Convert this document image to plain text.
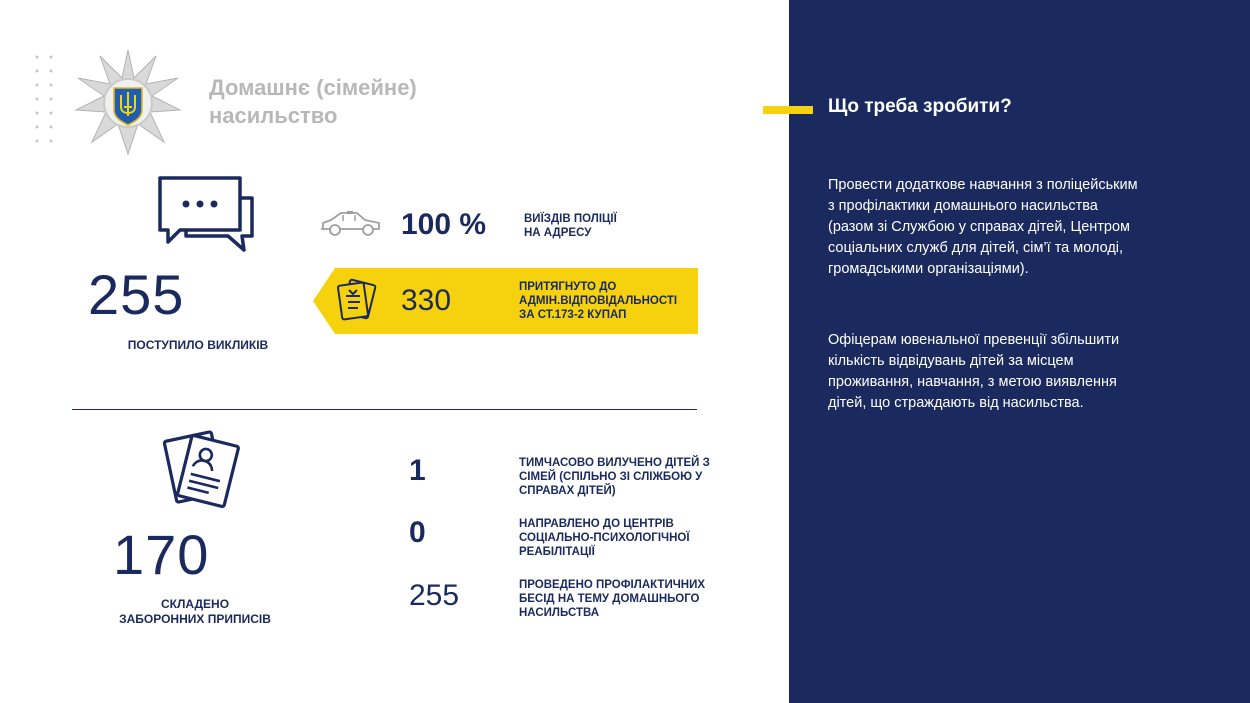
Домашнє (сімейне)
насильство
255
ПОСТУПИЛО ВИКЛИКІВ
100 %	ВИЇЗДІВ ПОЛІЦІЇ
НА АДРЕСУ
330	ПРИТЯГНУТО ДО
АДМІН.ВІДПОВІДАЛЬНОСТІ
ЗА СТ.173-2 КУПАП
170
СКЛАДЕНО
ЗАБОРОННИХ ПРИПИСІВ
1	ТИМЧАСОВО ВИЛУЧЕНО ДІТЕЙ З
СІМЕЙ (СПІЛЬНО ЗІ СЛІЖБОЮ У
СПРАВАХ ДІТЕЙ)
0	НАПРАВЛЕНО ДО ЦЕНТРІВ
СОЦІАЛЬНО-ПСИХОЛОГІЧНОЇ
РЕАБІЛІТАЦІЇ
255	ПРОВЕДЕНО ПРОФІЛАКТИЧНИХ
БЕСІД НА ТЕМУ ДОМАШНЬОГО
НАСИЛЬСТВА
Що треба зробити?
Провести додаткове навчання з поліцейським
з профілактики домашнього насильства
(разом зі Службою у справах дітей, Центром
соціальних служб для дітей, сім’ї та молоді,
громадськими організаціями).
Офіцерам ювенальної превенції збільшити
кількість відвідувань дітей за місцем
проживання, навчання, з метою виявлення
дітей, що страждають від насильства.
